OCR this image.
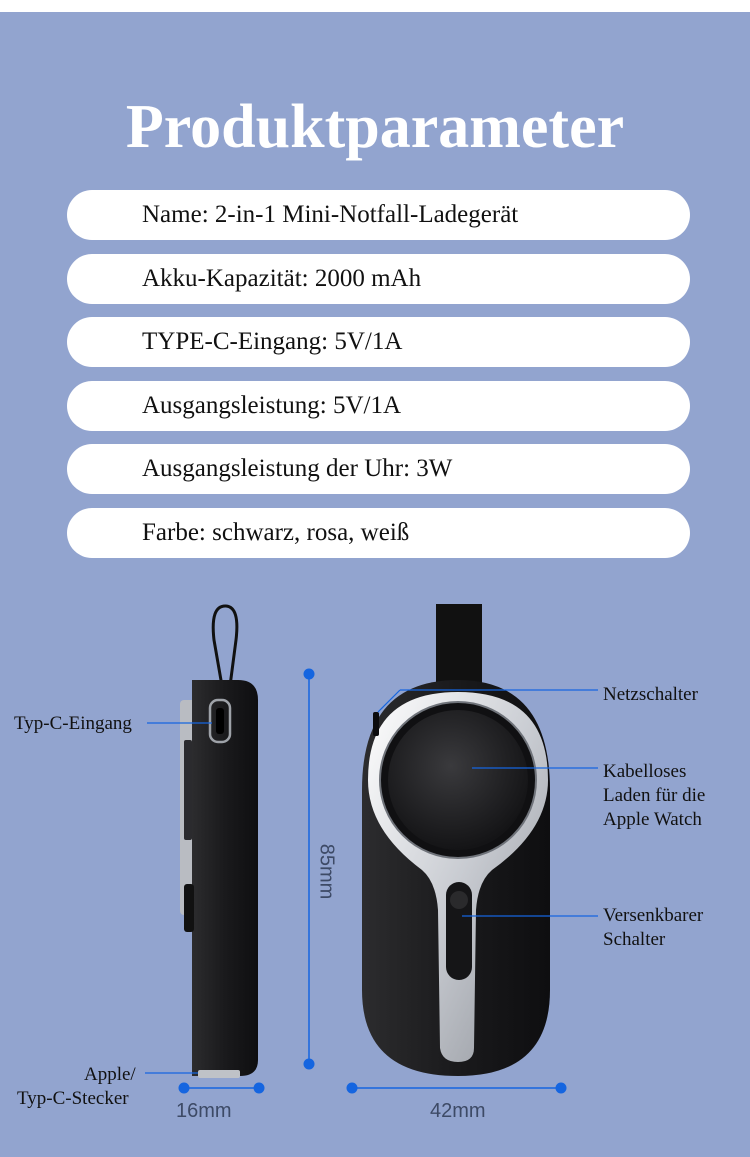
Produktparameter
Name: 2-in-1 Mini-Notfall-Ladegerät
Akku-Kapazität: 2000 mAh
TYPE-C-Eingang: 5V/1A
Ausgangsleistung: 5V/1A
Ausgangsleistung der Uhr: 3W
Farbe: schwarz, rosa, weiß
Typ-C-Eingang
Apple/
Typ-C-Stecker
Netzschalter
Kabelloses
Laden für die
Apple Watch
Versenkbarer
Schalter
85mm
16mm	42mm
